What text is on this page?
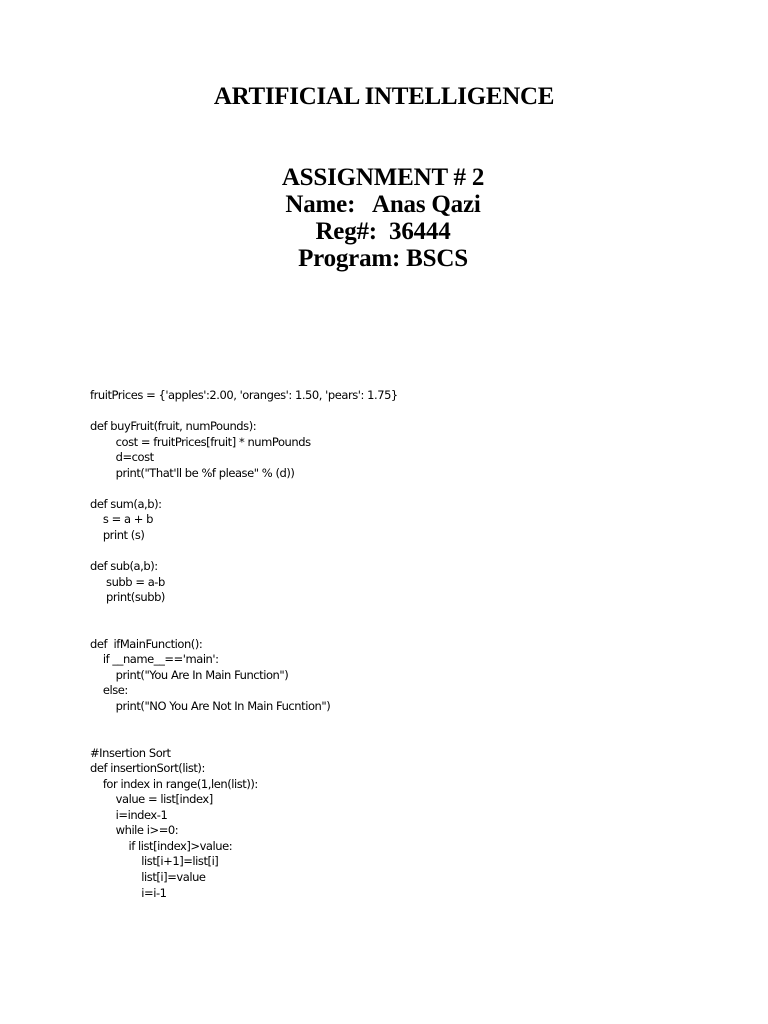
ARTIFICIAL INTELLIGENCE
ASSIGNMENT # 2
Name:   Anas Qazi
Reg#:  36444
Program: BSCS
fruitPrices = {'apples':2.00, 'oranges': 1.50, 'pears': 1.75}
def buyFruit(fruit, numPounds):
cost = fruitPrices[fruit] * numPounds
d=cost
print("That'll be %f please" % (d))
def sum(a,b):
s = a + b
print (s)
def sub(a,b):
subb = a-b
print(subb)
def  ifMainFunction():
if __name__=='main':
print("You Are In Main Function")
else:
print("NO You Are Not In Main Fucntion")
#Insertion Sort
def insertionSort(list):
for index in range(1,len(list)):
value = list[index]
i=index-1
while i>=0:
if list[index]>value:
list[i+1]=list[i]
list[i]=value
i=i-1
